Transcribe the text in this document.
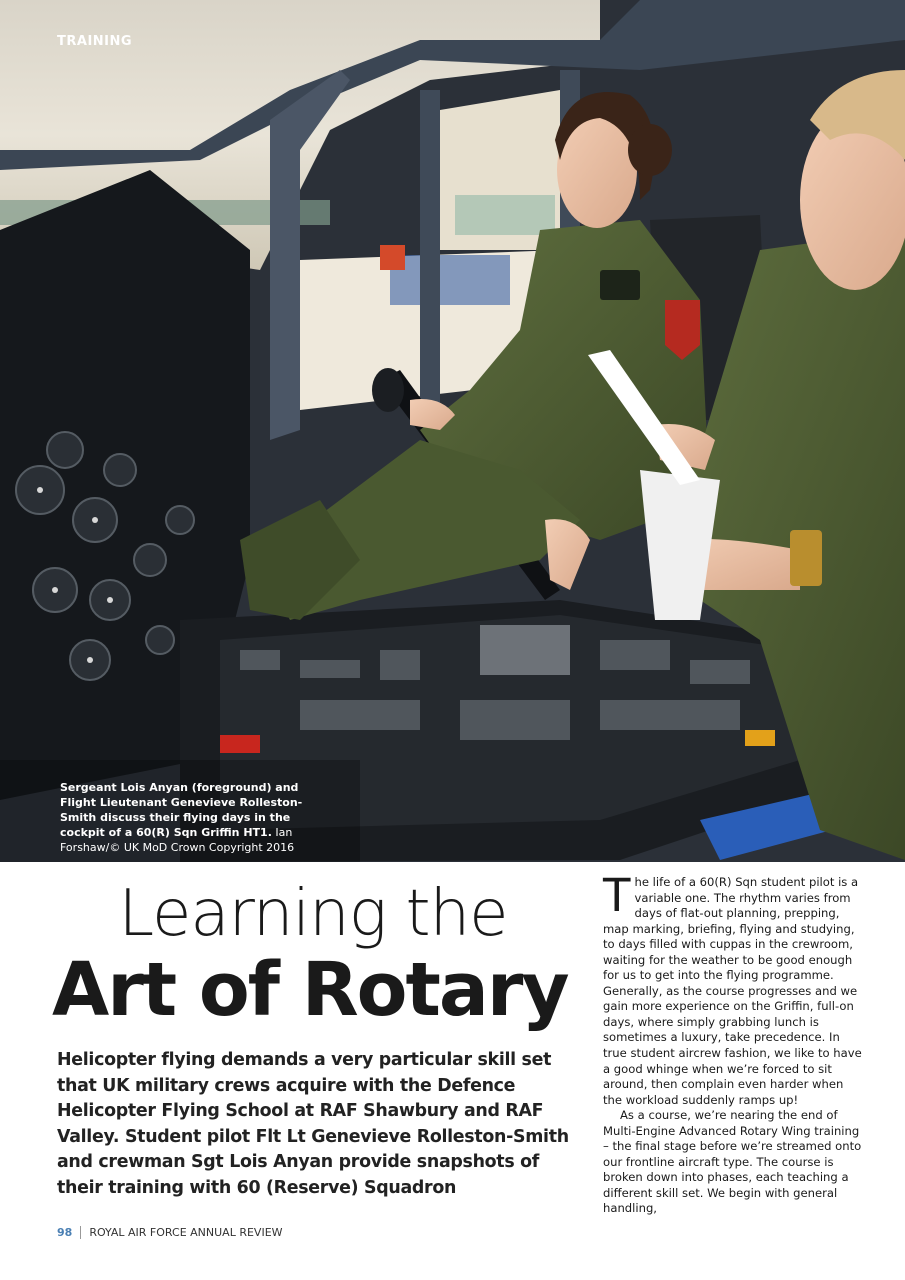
TRAINING
Sergeant Lois Anyan (foreground) and Flight Lieutenant Genevieve Rolleston-Smith discuss their flying days in the cockpit of a 60(R) Sqn Griffin HT1. Ian Forshaw/© UK MoD Crown Copyright 2016
Learning the
Art of Rotary
Helicopter flying demands a very particular skill set that UK military crews acquire with the Defence Helicopter Flying School at RAF Shawbury and RAF Valley. Student pilot Flt Lt Genevieve Rolleston-Smith and crewman Sgt Lois Anyan provide snapshots of their training with 60 (Reserve) Squadron

The life of a 60(R) Sqn student pilot is a variable one. The rhythm varies from days of flat-out planning, prepping, map marking, briefing, flying and studying, to days filled with cuppas in the crewroom, waiting for the weather to be good enough for us to get into the flying programme. Generally, as the course progresses and we gain more experience on the Griffin, full-on days, where simply grabbing lunch is sometimes a luxury, take precedence. In true student aircrew fashion, we like to have a good whinge when we’re forced to sit around, then complain even harder when the workload suddenly ramps up!

As a course, we’re nearing the end of Multi-Engine Advanced Rotary Wing training – the final stage before we’re streamed onto our frontline aircraft type. The course is broken down into phases, each teaching a different skill set. We begin with general handling,

98 ROYAL AIR FORCE ANNUAL REVIEW
